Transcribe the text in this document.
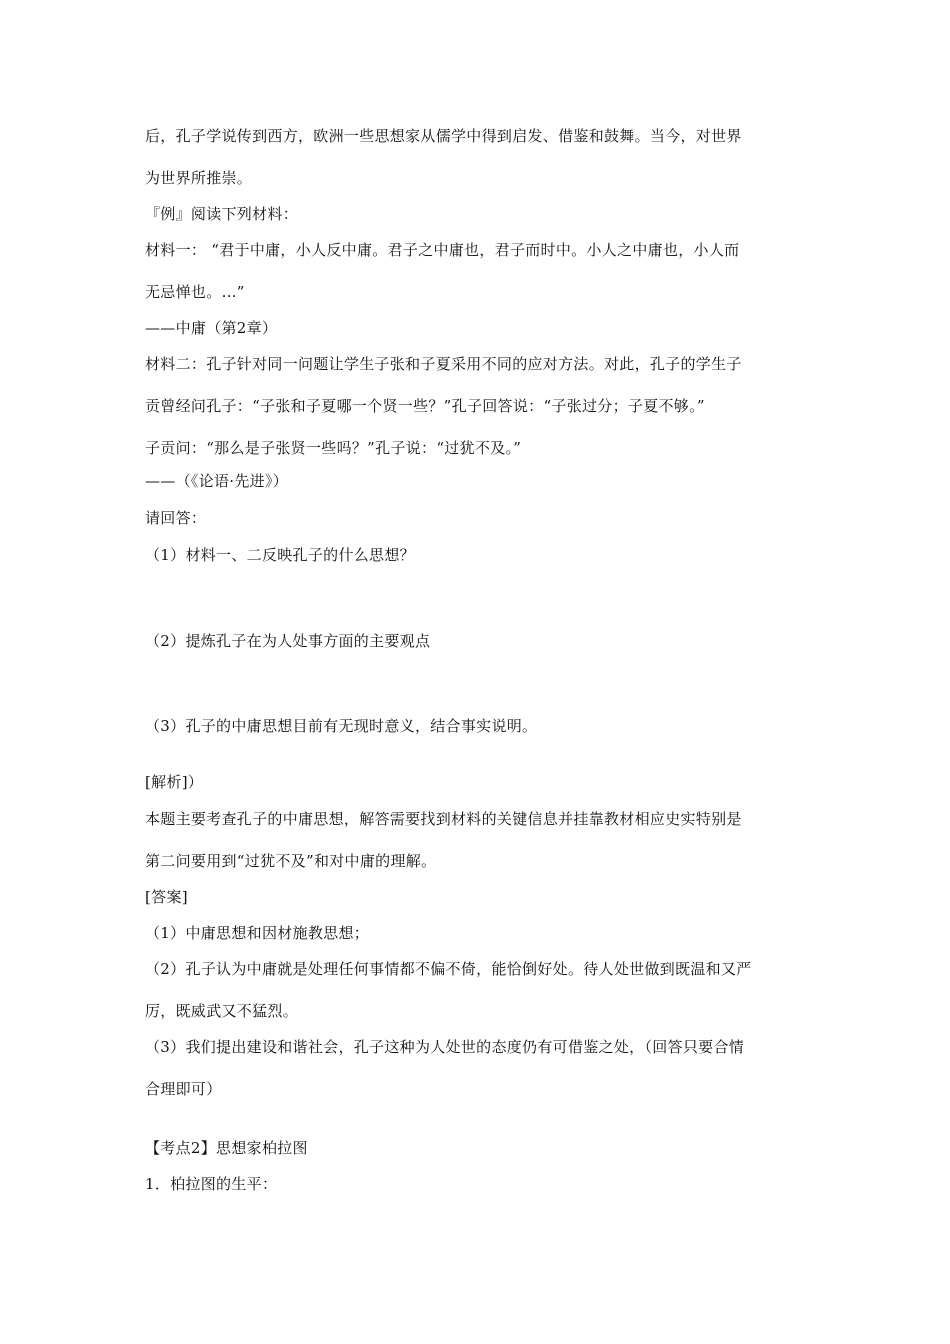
后，孔子学说传到西方，欧洲一些思想家从儒学中得到启发、借鉴和鼓舞。当今，对世界
为世界所推崇。
『例』阅读下列材料：
材料一： “君于中庸，小人反中庸。君子之中庸也，君子而时中。小人之中庸也，小人而
无忌惮也。…”
——中庸（第2章）
材料二：孔子针对同一问题让学生子张和子夏采用不同的应对方法。对此，孔子的学生子
贡曾经问孔子：“子张和子夏哪一个贤一些？”孔子回答说：“子张过分；子夏不够。”
子贡问：“那么是子张贤一些吗？”孔子说：“过犹不及。”
——（《论语·先进》）
请回答：
（1）材料一、二反映孔子的什么思想？
（2）提炼孔子在为人处事方面的主要观点
（3）孔子的中庸思想目前有无现时意义，结合事实说明。
[解析]）
本题主要考查孔子的中庸思想，解答需要找到材料的关键信息并挂靠教材相应史实特别是
第二问要用到“过犹不及”和对中庸的理解。
[答案]
（1）中庸思想和因材施教思想；
（2）孔子认为中庸就是处理任何事情都不偏不倚，能恰倒好处。待人处世做到既温和又严
厉，既威武又不猛烈。
（3）我们提出建设和谐社会，孔子这种为人处世的态度仍有可借鉴之处，（回答只要合情
合理即可）
【考点2】思想家柏拉图
1．柏拉图的生平：
